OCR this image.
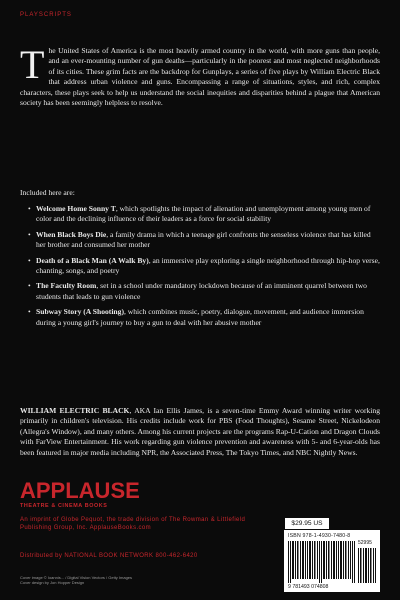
PLAYSCRIPTS
The United States of America is the most heavily armed country in the world, with more guns than people, and an ever-mounting number of gun deaths—particularly in the poorest and most neglected neighborhoods of its cities. These grim facts are the backdrop for Gunplays, a series of five plays by William Electric Black that address urban violence and guns. Encompassing a range of situations, styles, and rich, complex characters, these plays seek to help us understand the social inequities and disparities behind a plague that American society has been seemingly helpless to resolve.
Included here are:
• Welcome Home Sonny T, which spotlights the impact of alienation and unemployment among young men of color and the declining influence of their leaders as a force for social stability
• When Black Boys Die, a family drama in which a teenage girl confronts the senseless violence that has killed her brother and consumed her mother
• Death of a Black Man (A Walk By), an immersive play exploring a single neighborhood through hip-hop verse, chanting, songs, and poetry
• The Faculty Room, set in a school under mandatory lockdown because of an imminent quarrel between two students that leads to gun violence
• Subway Story (A Shooting), which combines music, poetry, dialogue, movement, and audience immersion during a young girl's journey to buy a gun to deal with her abusive mother
WILLIAM ELECTRIC BLACK, AKA Ian Ellis James, is a seven-time Emmy Award winning writer working primarily in children's television. His credits include work for PBS (Food Thoughts), Sesame Street, Nickelodeon (Allegra's Window), and many others. Among his current projects are the programs Rap-U-Cation and Dragon Clouds with FarView Entertainment. His work regarding gun violence prevention and awareness with 5- and 6-year-olds has been featured in major media including NPR, the Associated Press, The Tokyo Times, and NBC Nightly News.
APPLAUSE
THEATRE & CINEMA BOOKS
An imprint of Globe Pequot, the trade division of The Rowman & Littlefield Publishing Group, Inc. ApplauseBooks.com
Distributed by NATIONAL BOOK NETWORK 800-462-6420
Cover image © Ioannis... / Digital Vision Vectors / Getty Images
Cover design by Jon Hopper Design
$29.95 US
ISBN 978-1-4930-7480-8
52995
9 781493 074808
